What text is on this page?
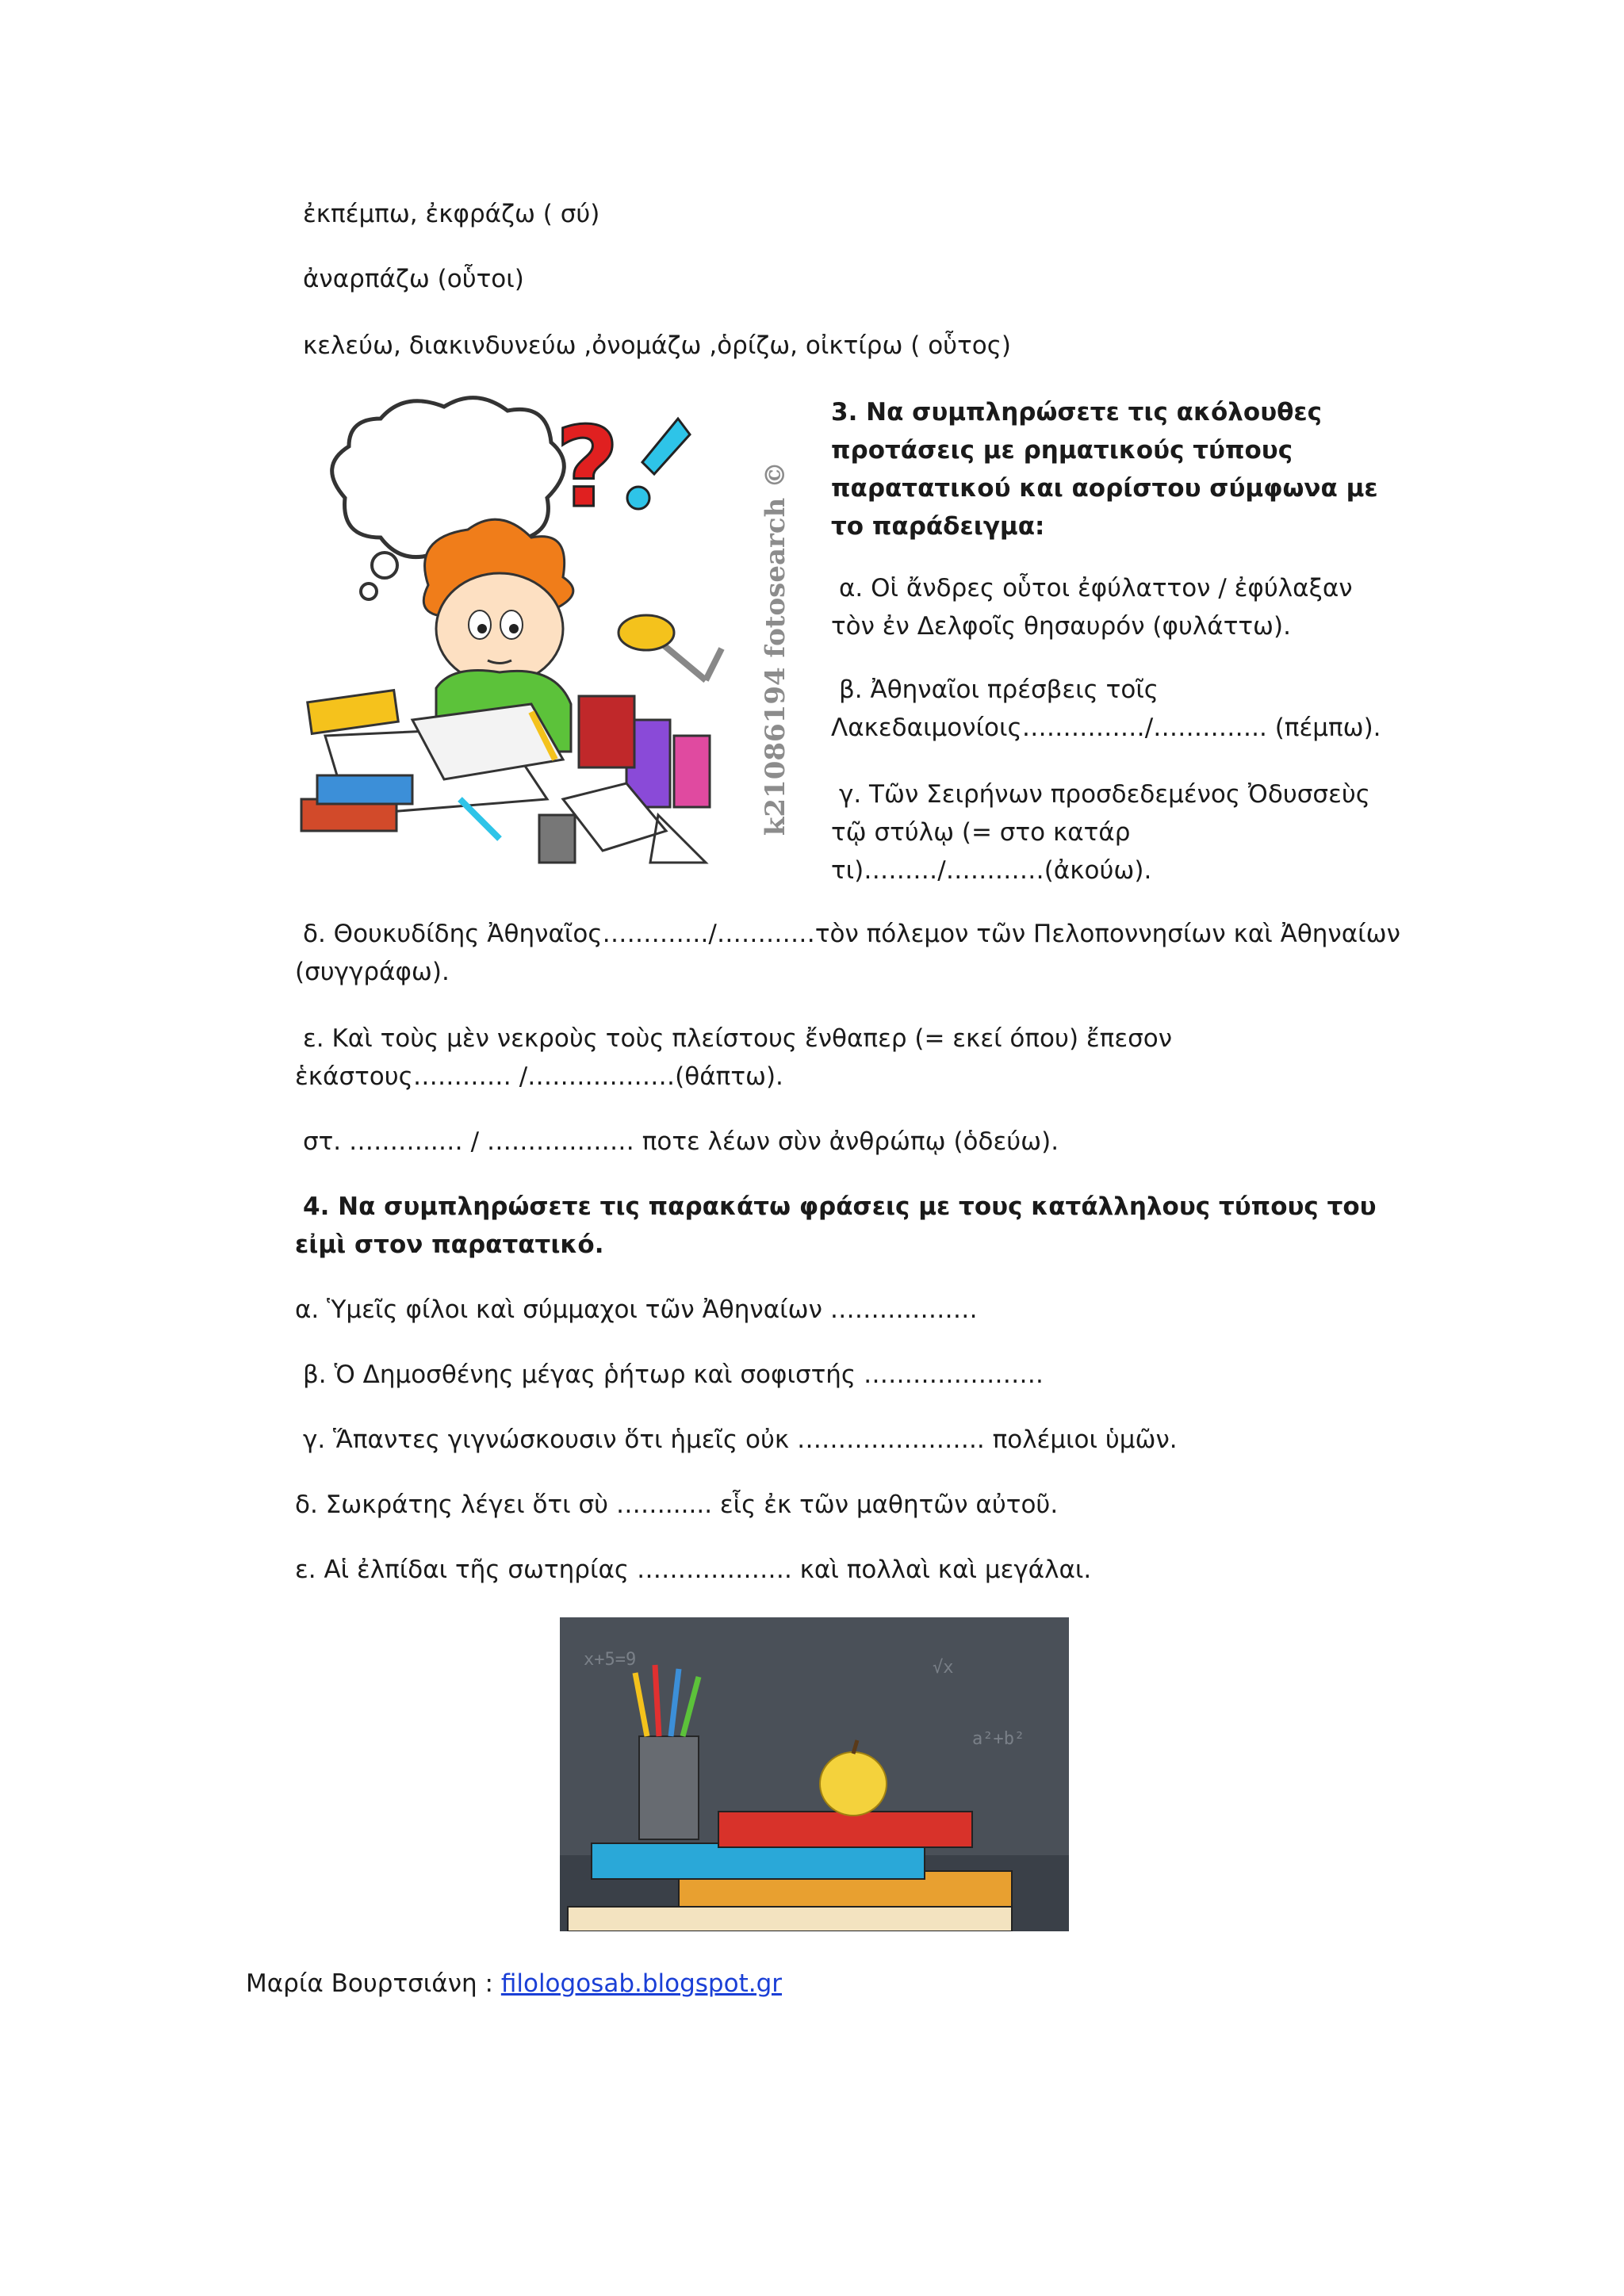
ἐκπέμπω, ἐκφράζω ( σύ)
ἀναρπάζω (οὗτοι)
κελεύω, διακινδυνεύω ,ὀνομάζω ,ὁρίζω, οἰκτίρω ( οὗτος)
?	k21086194 fotosearch ©
3. Να συμπληρώσετε τις ακόλουθες
προτάσεις με ρηματικούς τύπους
παρατατικού και αορίστου σύμφωνα με
το παράδειγμα:
α. Οἱ ἄνδρες οὗτοι ἐφύλαττον / ἐφύλαξαν
τὸν ἐν Δελφοῖς θησαυρόν (φυλάττω).
β. Ἀθηναῖοι πρέσβεις τοῖς
Λακεδαιμονίοις……………/………….. (πέμπω).
γ. Τῶν Σειρήνων προσδεδεμένος Ὀδυσσεὺς
τῷ στύλῳ (= στο κατάρ
τι)………/…………(ἀκούω).
δ. Θουκυδίδης Ἀθηναῖος…………./…………τὸν πόλεμον τῶν Πελοποννησίων καὶ Ἀθηναίων
(συγγράφω).
ε. Καὶ τοὺς μὲν νεκροὺς τοὺς πλείστους ἔνθαπερ (= εκεί όπου) ἔπεσον
ἑκάστους………… /………………(θάπτω).
στ. ………..… / ……………… ποτε λέων σὺν ἀνθρώπῳ (ὁδεύω).
4. Να συμπληρώσετε τις παρακάτω φράσεις με τους κατάλληλους τύπους του
εἰμὶ στον παρατατικό.
α. Ὑμεῖς φίλοι καὶ σύμμαχοι τῶν Ἀθηναίων ………………
β. Ὁ Δημοσθένης μέγας ῥήτωρ καὶ σοφιστής ………………….
γ. Ἅπαντες γιγνώσκουσιν ὅτι ἡμεῖς οὐκ ………………….. πολέμιοι ὑμῶν.
δ. Σωκράτης λέγει ὅτι σὺ ……...... εἷς ἐκ τῶν μαθητῶν αὐτοῦ.
ε. Αἱ ἐλπίδαι τῆς σωτηρίας ………………. καὶ πολλαὶ καὶ μεγάλαι.
x+5=9	√x
a²+b²
Μαρία Βουρτσιάνη : filologosab.blogspot.gr
